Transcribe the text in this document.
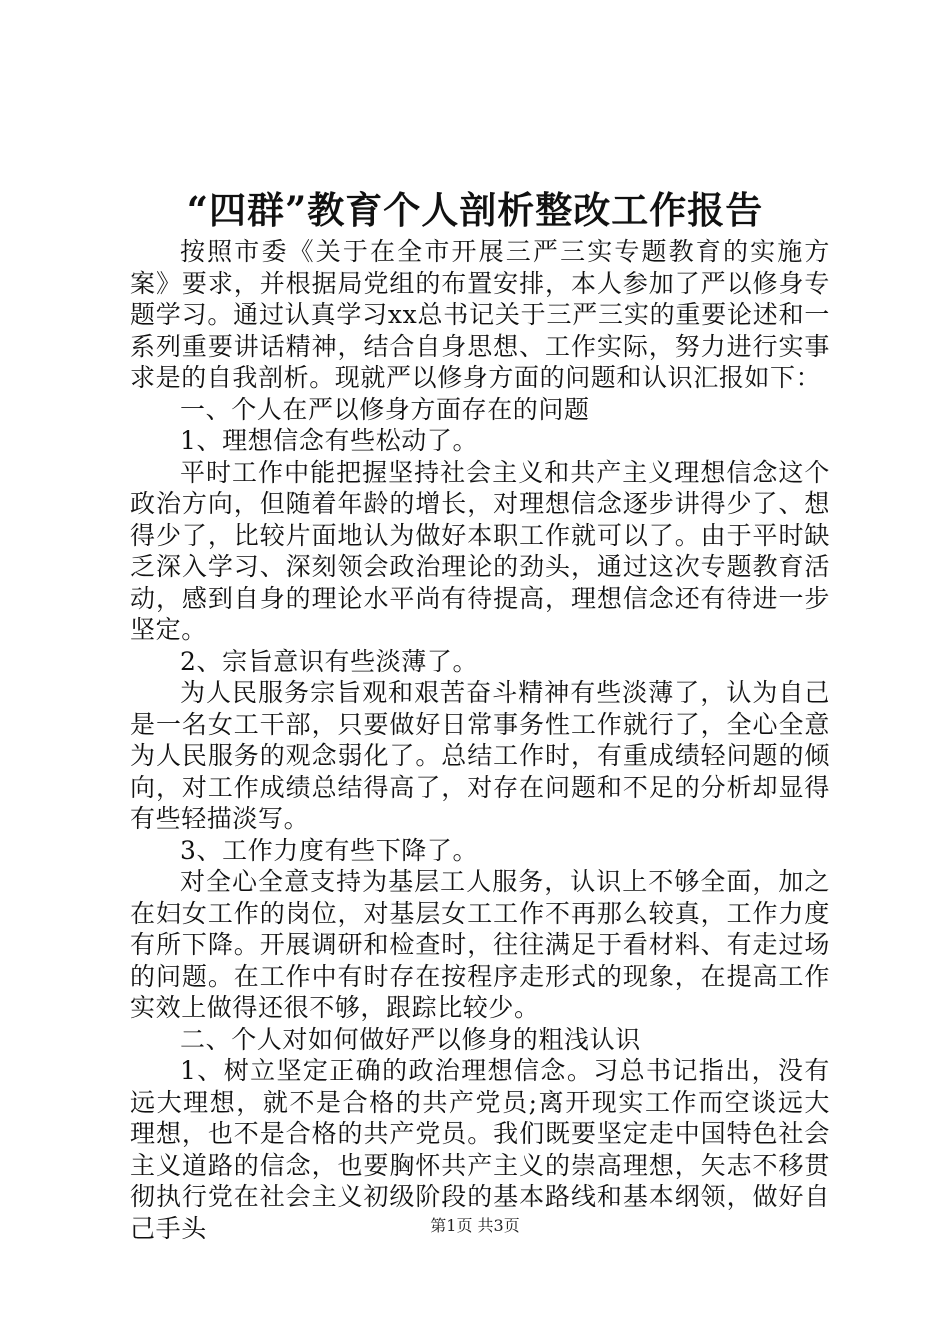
“四群”教育个人剖析整改工作报告

按照市委《关于在全市开展三严三实专题教育的实施方案》要求，并根据局党组的布置安排，本人参加了严以修身专题学习。通过认真学习xx总书记关于三严三实的重要论述和一系列重要讲话精神，结合自身思想、工作实际，努力进行实事求是的自我剖析。现就严以修身方面的问题和认识汇报如下：

一、个人在严以修身方面存在的问题

1、理想信念有些松动了。

平时工作中能把握坚持社会主义和共产主义理想信念这个政治方向，但随着年龄的增长，对理想信念逐步讲得少了、想得少了，比较片面地认为做好本职工作就可以了。由于平时缺乏深入学习、深刻领会政治理论的劲头，通过这次专题教育活动，感到自身的理论水平尚有待提高，理想信念还有待进一步坚定。

2、宗旨意识有些淡薄了。

为人民服务宗旨观和艰苦奋斗精神有些淡薄了，认为自己是一名女工干部，只要做好日常事务性工作就行了，全心全意为人民服务的观念弱化了。总结工作时，有重成绩轻问题的倾向，对工作成绩总结得高了，对存在问题和不足的分析却显得有些轻描淡写。

3、工作力度有些下降了。

对全心全意支持为基层工人服务，认识上不够全面，加之在妇女工作的岗位，对基层女工工作不再那么较真，工作力度有所下降。开展调研和检查时，往往满足于看材料、有走过场的问题。在工作中有时存在按程序走形式的现象，在提高工作实效上做得还很不够，跟踪比较少。

二、个人对如何做好严以修身的粗浅认识

1、树立坚定正确的政治理想信念。习总书记指出，没有远大理想，就不是合格的共产党员;离开现实工作而空谈远大理想，也不是合格的共产党员。我们既要坚定走中国特色社会主义道路的信念，也要胸怀共产主义的崇高理想，矢志不移贯彻执行党在社会主义初级阶段的基本路线和基本纲领，做好自己手头	第1页 共3页
